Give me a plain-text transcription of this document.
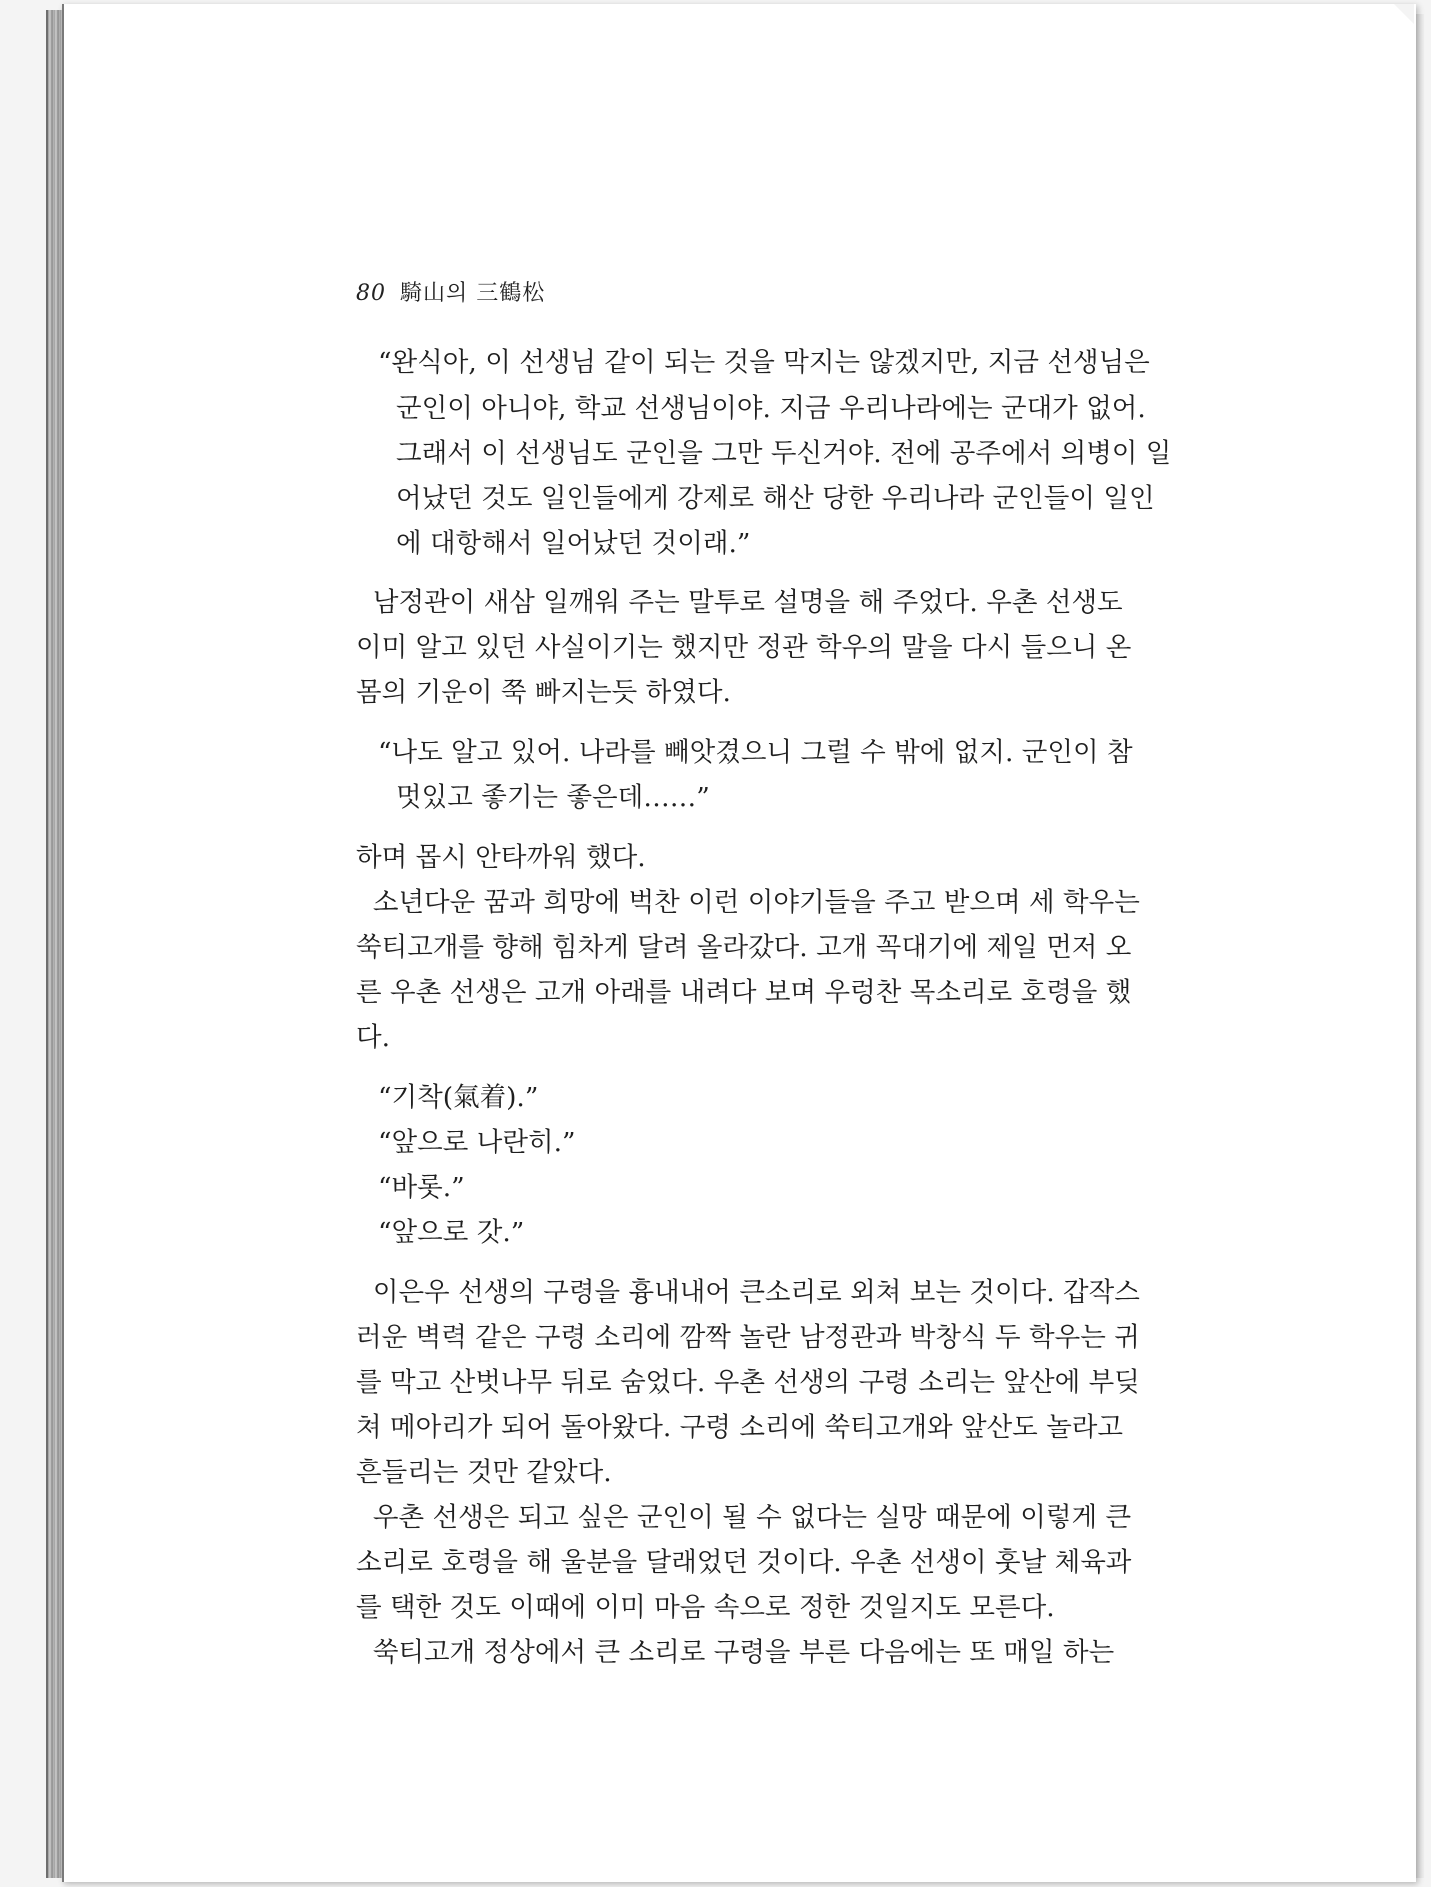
80 騎山의 三鶴松
“완식아, 이 선생님 같이 되는 것을 막지는 않겠지만, 지금 선생님은
군인이 아니야, 학교 선생님이야. 지금 우리나라에는 군대가 없어.
그래서 이 선생님도 군인을 그만 두신거야. 전에 공주에서 의병이 일
어났던 것도 일인들에게 강제로 해산 당한 우리나라 군인들이 일인
에 대항해서 일어났던 것이래.”
남정관이 새삼 일깨워 주는 말투로 설명을 해 주었다. 우촌 선생도
이미 알고 있던 사실이기는 했지만 정관 학우의 말을 다시 들으니 온
몸의 기운이 쭉 빠지는듯 하였다.
“나도 알고 있어. 나라를 빼앗겼으니 그럴 수 밖에 없지. 군인이 참
멋있고 좋기는 좋은데……”
하며 몹시 안타까워 했다.
소년다운 꿈과 희망에 벅찬 이런 이야기들을 주고 받으며 세 학우는
쑥티고개를 향해 힘차게 달려 올라갔다. 고개 꼭대기에 제일 먼저 오
른 우촌 선생은 고개 아래를 내려다 보며 우렁찬 목소리로 호령을 했
다.
“기착(氣着).”
“앞으로 나란히.”
“바롯.”
“앞으로 갓.”
이은우 선생의 구령을 흉내내어 큰소리로 외쳐 보는 것이다. 갑작스
러운 벽력 같은 구령 소리에 깜짝 놀란 남정관과 박창식 두 학우는 귀
를 막고 산벗나무 뒤로 숨었다. 우촌 선생의 구령 소리는 앞산에 부딪
쳐 메아리가 되어 돌아왔다. 구령 소리에 쑥티고개와 앞산도 놀라고
흔들리는 것만 같았다.
우촌 선생은 되고 싶은 군인이 될 수 없다는 실망 때문에 이렇게 큰
소리로 호령을 해 울분을 달래었던 것이다. 우촌 선생이 훗날 체육과
를 택한 것도 이때에 이미 마음 속으로 정한 것일지도 모른다.
쑥티고개 정상에서 큰 소리로 구령을 부른 다음에는 또 매일 하는
